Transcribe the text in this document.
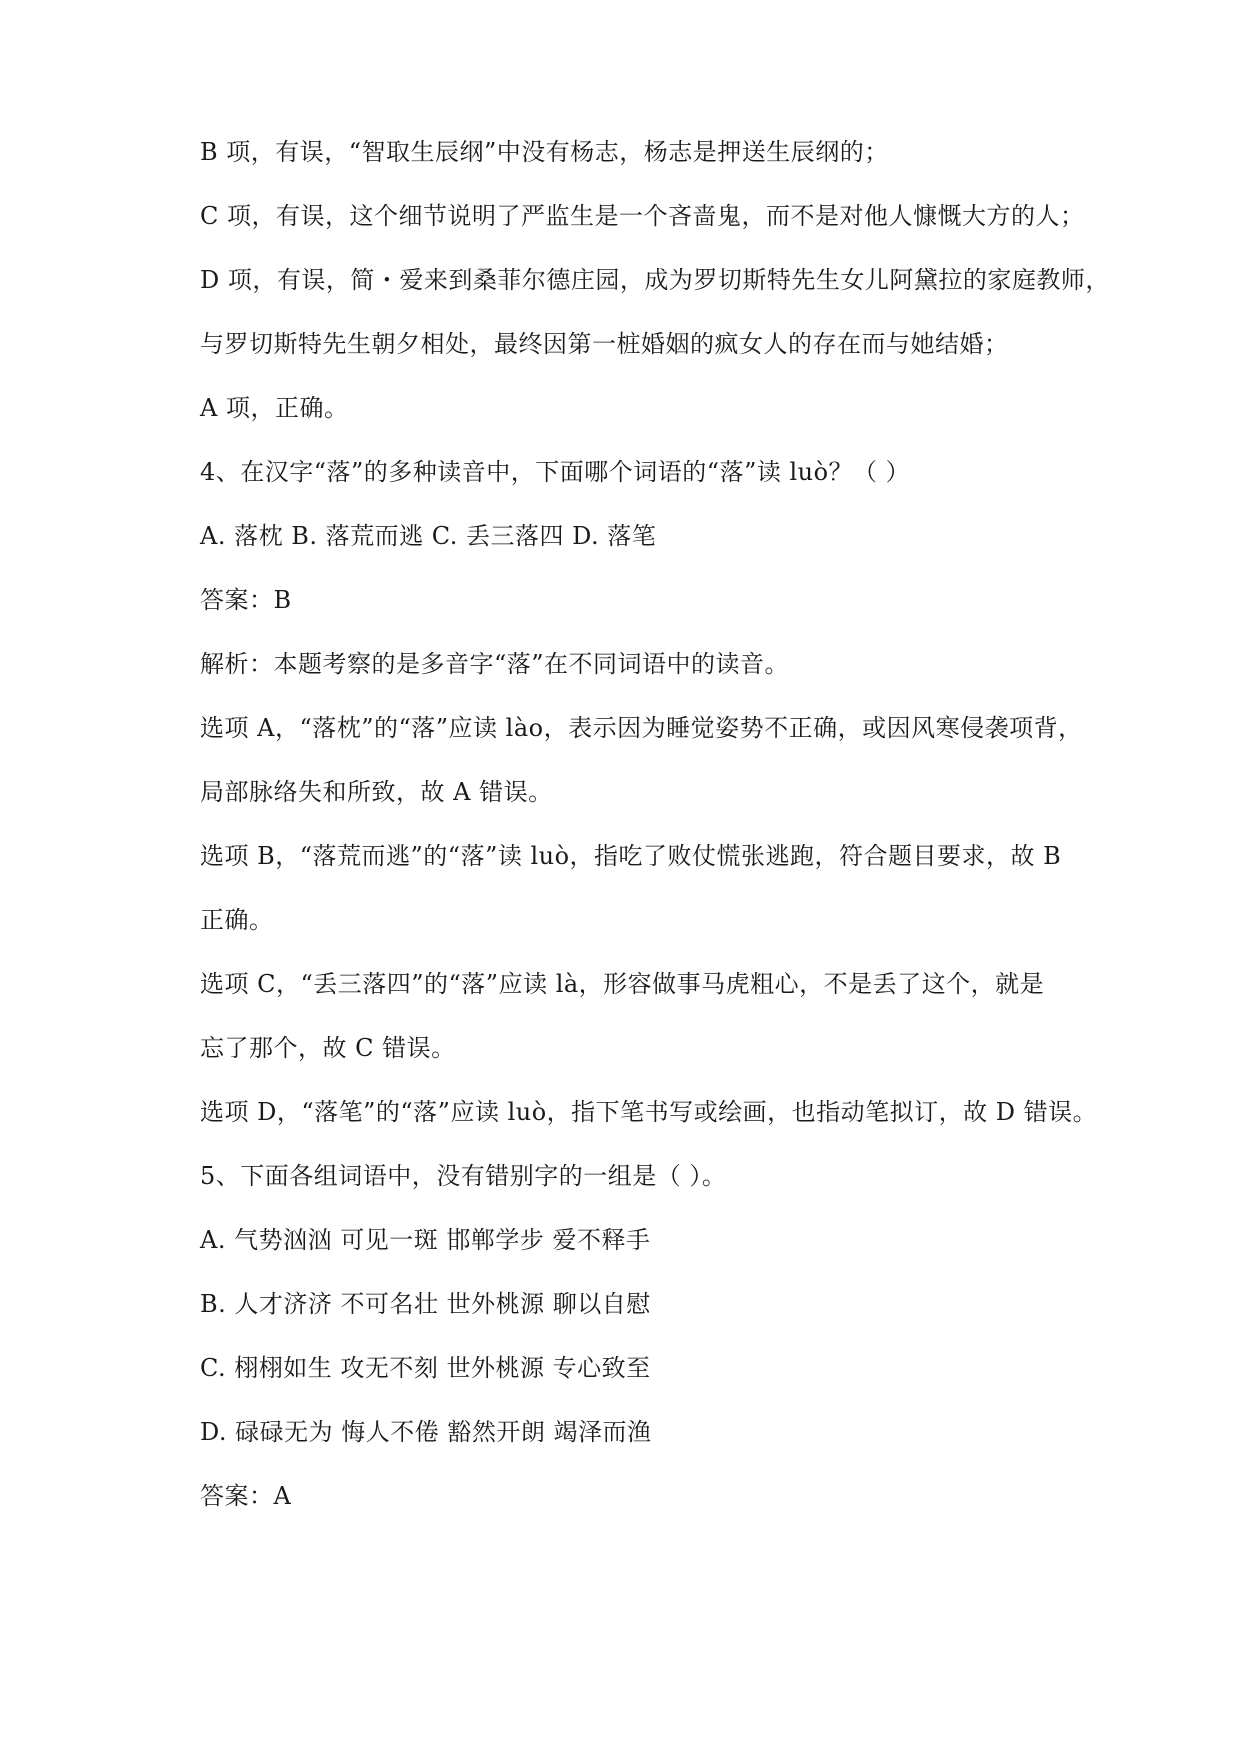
B 项，有误，“智取生辰纲”中没有杨志，杨志是押送生辰纲的；
C 项，有误，这个细节说明了严监生是一个吝啬鬼，而不是对他人慷慨大方的人；
D 项，有误，简・爱来到桑菲尔德庄园，成为罗切斯特先生女儿阿黛拉的家庭教师，
与罗切斯特先生朝夕相处，最终因第一桩婚姻的疯女人的存在而与她结婚；
A 项，正确。
4、在汉字“落”的多种读音中，下面哪个词语的“落”读 luò？（ ）
A. 落枕 B. 落荒而逃 C. 丢三落四 D. 落笔
答案：B
解析：本题考察的是多音字“落”在不同词语中的读音。
选项 A，“落枕”的“落”应读 lào，表示因为睡觉姿势不正确，或因风寒侵袭项背，
局部脉络失和所致，故 A 错误。
选项 B，“落荒而逃”的“落”读 luò，指吃了败仗慌张逃跑，符合题目要求，故 B
正确。
选项 C，“丢三落四”的“落”应读 là，形容做事马虎粗心，不是丢了这个，就是
忘了那个，故 C 错误。
选项 D，“落笔”的“落”应读 luò，指下笔书写或绘画，也指动笔拟订，故 D 错误。
5、下面各组词语中，没有错别字的一组是（ ）。
A. 气势汹汹 可见一斑 邯郸学步 爱不释手
B. 人才济济 不可名壮 世外桃源 聊以自慰
C. 栩栩如生 攻无不刻 世外桃源 专心致至
D. 碌碌无为 悔人不倦 豁然开朗 竭泽而渔
答案：A
